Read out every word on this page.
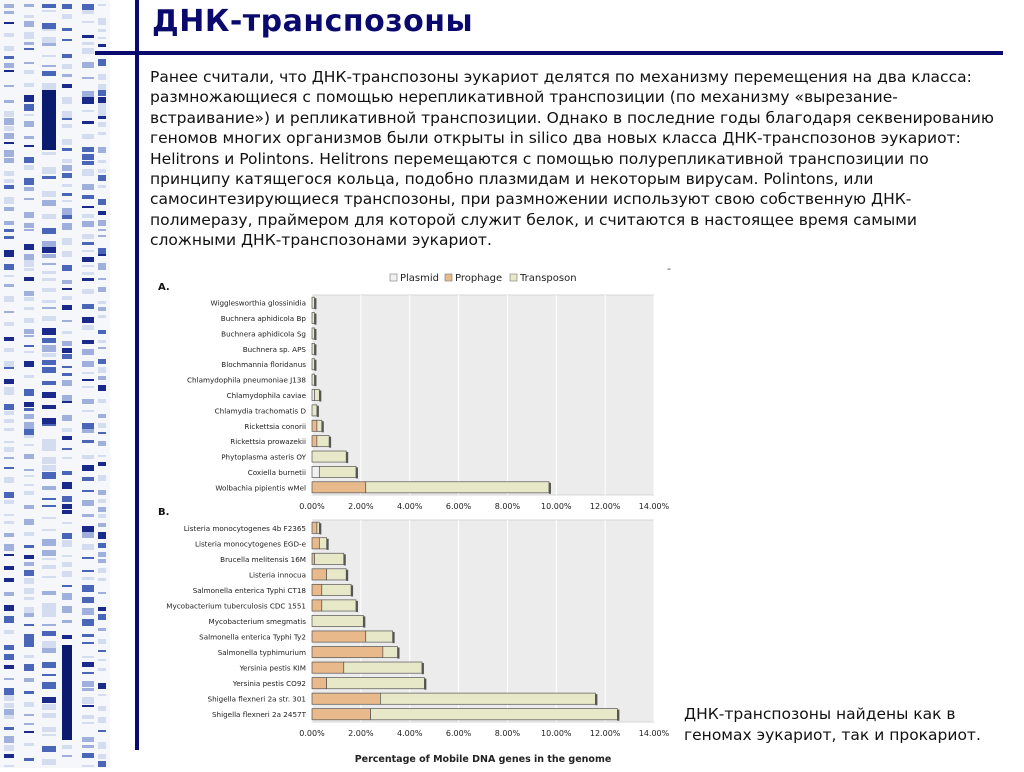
ДНК-транспозоны

Ранее считали, что ДНК-транспозоны эукариот делятся по механизму перемещения на два класса: размножающиеся с помощью нерепликативной транспозиции (по механизму «вырезание-встраивание») и репликативной транспозиции. Однако в последние годы благодаря секвенированию геномов многих организмов были открыты in silico два новых класса ДНК-транспозонов эукариот: Helitrons и Polintons. Helitrons перемещаются с помощью полурепликативной транспозиции по принципу катящегося кольца, подобно плазмидам и некоторым вирусам. Polintons, или самосинтезирующиеся транспозоны, при размножении используют свою собственную ДНК-полимеразу, праймером для которой служит белок, и считаются в настоящее время самыми сложными ДНК-транспозонами эукариот.

Plasmid Prophage Transposon
A.
Wigglesworthia glossinidia
Buchnera aphidicola Bp
Buchnera aphidicola Sg
Buchnera sp. APS
Blochmannia floridanus
Chlamydophila pneumoniae J138
Chlamydophila caviae
Chlamydia trachomatis D
Rickettsia conorii
Rickettsia prowazekii
Phytoplasma asteris OY
Coxiella burnetii
Wolbachia pipientis wMel
0.00%	2.00%	4.00%	6.00%	8.00%	10.00% 12.00% 14.00%
B.
Listeria monocytogenes 4b F2365
Listeria monocytogenes EGD-e
Brucella melitensis 16M
Listeria innocua
Salmonella enterica Typhi CT18
Mycobacterium tuberculosis CDC 1551
Mycobacterium smegmatis
Salmonella enterica Typhi Ty2
Salmonella typhimurium
Yersinia pestis KIM
Yersinia pestis CO92
Shigella flexneri 2a str. 301
Shigella flexneri 2a 2457T
0.00%	2.00%	4.00%	6.00%	8.00%	10.00% 12.00% 14.00%
Percentage of Mobile DNA genes in the genome
-

ДНК-транспозоны найдены как в геномах эукариот, так и прокариот.
